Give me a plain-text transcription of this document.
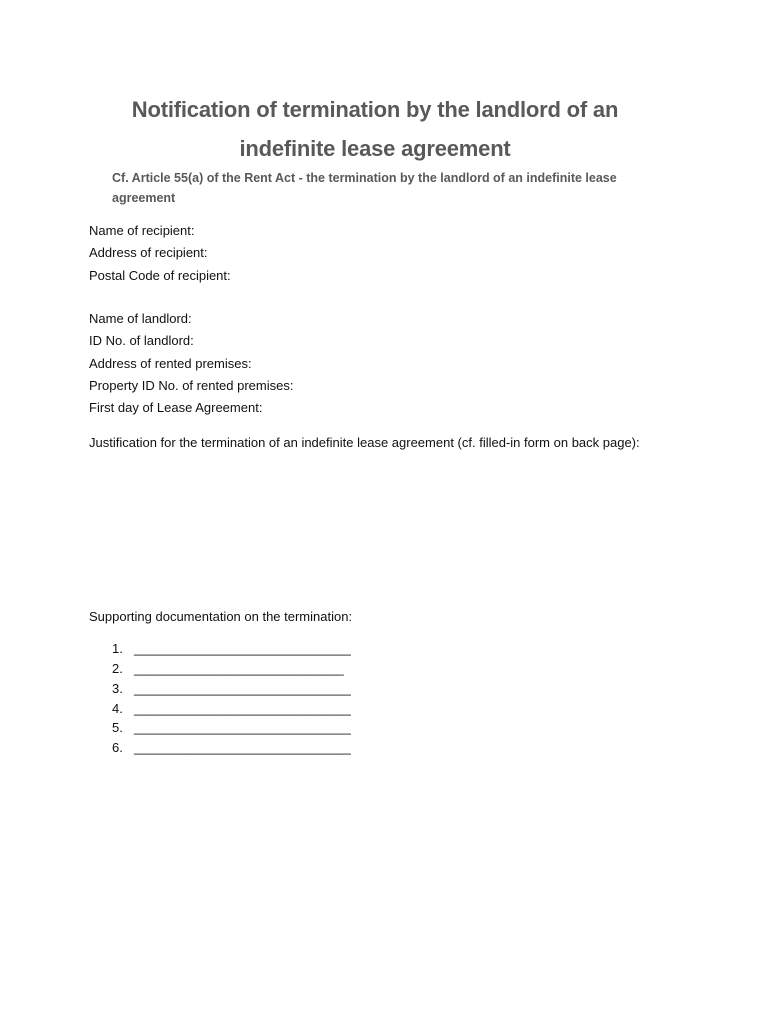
Notification of termination by the landlord of an
indefinite lease agreement
Cf. Article 55(a) of the Rent Act - the termination by the landlord of an indefinite lease agreement
Name of recipient:
Address of recipient:
Postal Code of recipient:
Name of landlord:
ID No. of landlord:
Address of rented premises:
Property ID No. of rented premises:
First day of Lease Agreement:
Justification for the termination of an indefinite lease agreement (cf. filled-in form on back page):
Supporting documentation on the termination:
1. ______________________________
2. _____________________________
3. ______________________________
4. ______________________________
5. ______________________________
6. ______________________________
